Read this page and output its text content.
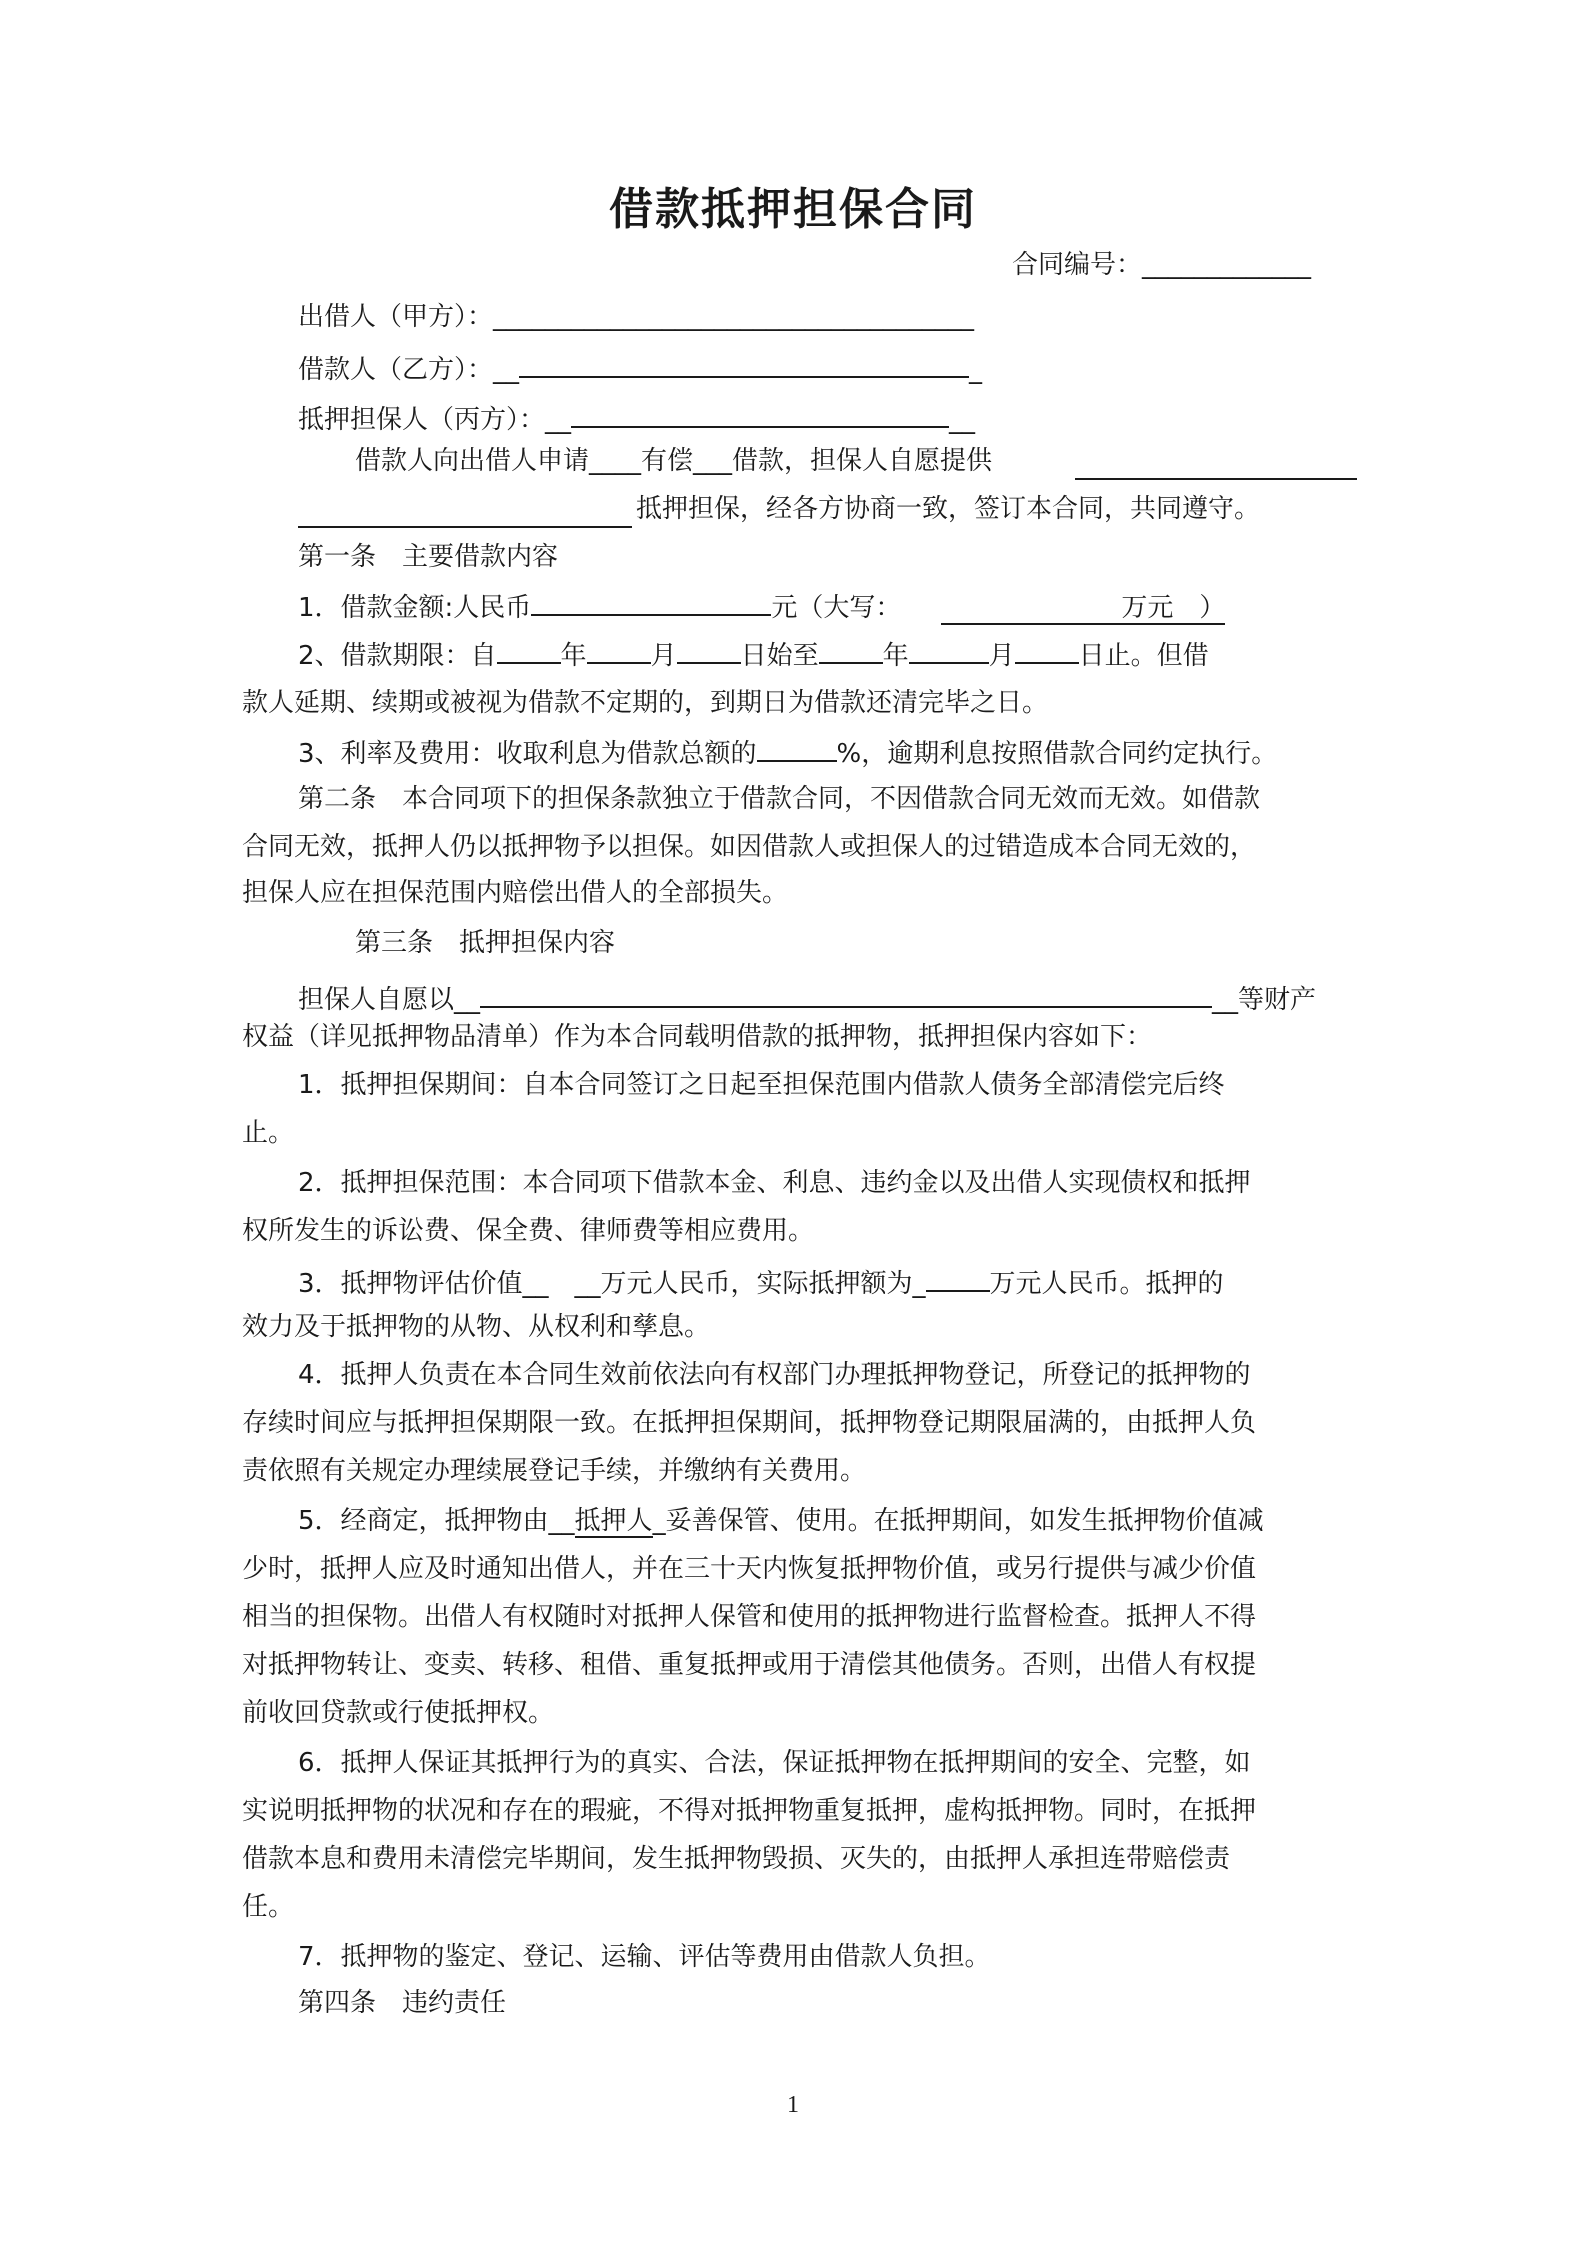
借款抵押担保合同
合同编号：_____________
出借人（甲方）：_____________________________________
借款人（乙方）：__	_
抵押担保人（丙方）：__	__
借款人向出借人申请____有偿___借款，担保人自愿提供
抵押担保，经各方协商一致，签订本合同，共同遵守。
第一条　主要借款内容
1．借款金额:人民币	元（大写：	万元　）
2、借款期限：自 年 月 日始至 年	月 日止。但借
款人延期、续期或被视为借款不定期的，到期日为借款还清完毕之日。
3、利率及费用：收取利息为借款总额的	%，逾期利息按照借款合同约定执行。
第二条　本合同项下的担保条款独立于借款合同，不因借款合同无效而无效。如借款
合同无效，抵押人仍以抵押物予以担保。如因借款人或担保人的过错造成本合同无效的，
担保人应在担保范围内赔偿出借人的全部损失。
第三条　抵押担保内容
担保人自愿以__	__等财产
权益（详见抵押物品清单）作为本合同载明借款的抵押物，抵押担保内容如下：
1．抵押担保期间：自本合同签订之日起至担保范围内借款人债务全部清偿完后终
止。
2．抵押担保范围：本合同项下借款本金、利息、违约金以及出借人实现债权和抵押
权所发生的诉讼费、保全费、律师费等相应费用。
3．抵押物评估价值__　__万元人民币，实际抵押额为_ 万元人民币。抵押的
效力及于抵押物的从物、从权利和孳息。
4．抵押人负责在本合同生效前依法向有权部门办理抵押物登记，所登记的抵押物的
存续时间应与抵押担保期限一致。在抵押担保期间，抵押物登记期限届满的，由抵押人负
责依照有关规定办理续展登记手续，并缴纳有关费用。
5．经商定，抵押物由__抵押人_妥善保管、使用。在抵押期间，如发生抵押物价值减
少时，抵押人应及时通知出借人，并在三十天内恢复抵押物价值，或另行提供与减少价值
相当的担保物。出借人有权随时对抵押人保管和使用的抵押物进行监督检查。抵押人不得
对抵押物转让、变卖、转移、租借、重复抵押或用于清偿其他债务。否则，出借人有权提
前收回贷款或行使抵押权。
6．抵押人保证其抵押行为的真实、合法，保证抵押物在抵押期间的安全、完整，如
实说明抵押物的状况和存在的瑕疵，不得对抵押物重复抵押，虚构抵押物。同时，在抵押
借款本息和费用未清偿完毕期间，发生抵押物毁损、灭失的，由抵押人承担连带赔偿责
任。
7．抵押物的鉴定、登记、运输、评估等费用由借款人负担。
第四条　违约责任
1
